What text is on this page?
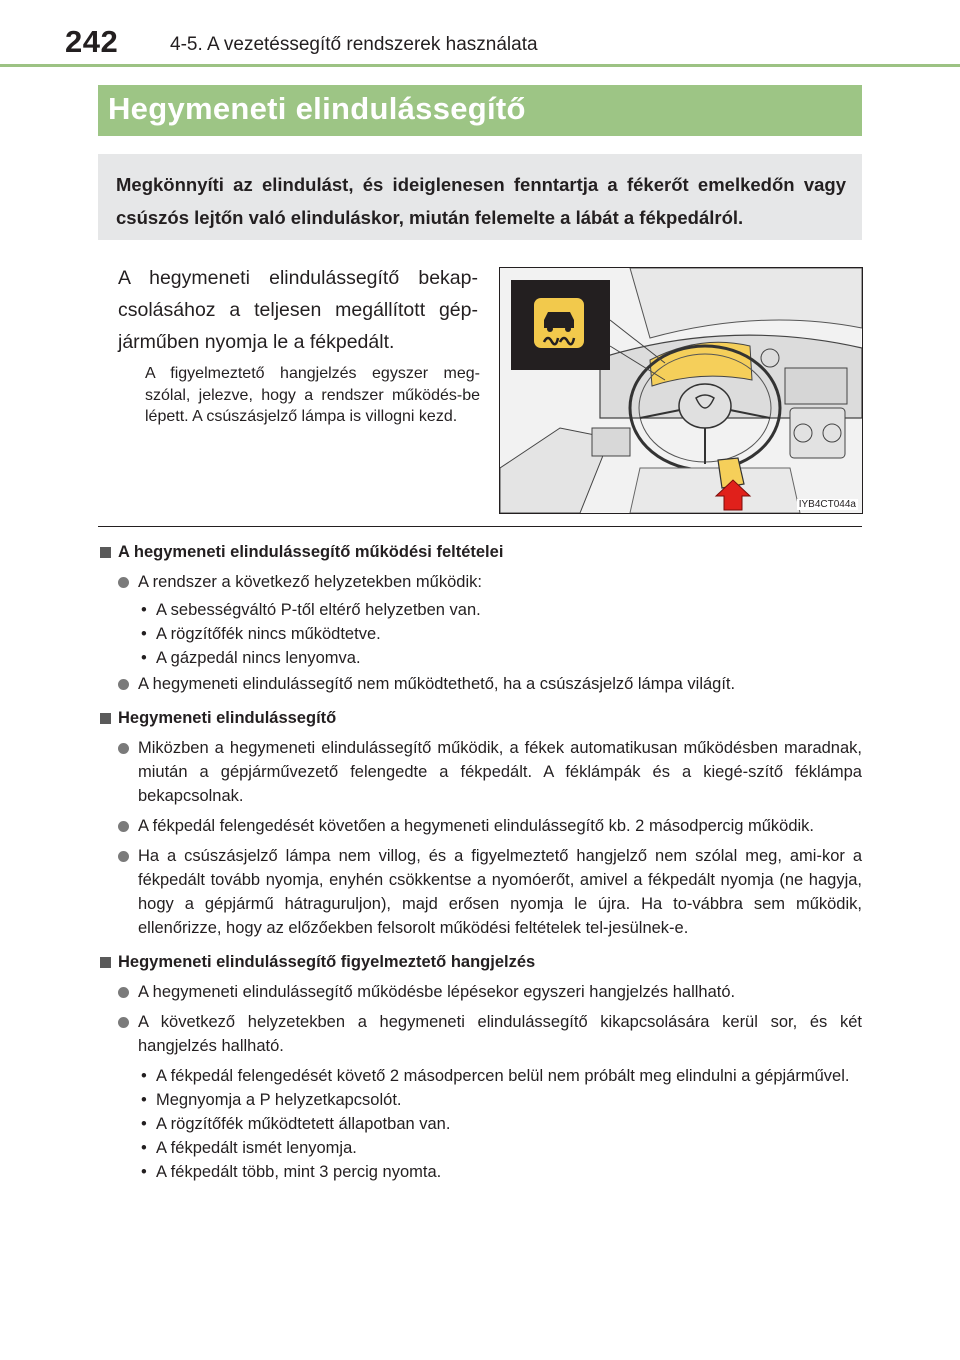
242	4-5. A vezetéssegítő rendszerek használata
Hegymeneti elindulássegítő

Megkönnyíti az elindulást, és ideiglenesen fenntartja a fékerőt emelkedőn vagy csúszós lejtőn való elinduláskor, miután felemelte a lábát a fékpedálról.

A hegymeneti elindulássegítő bekap-csolásához a teljesen megállított gép-járműben nyomja le a fékpedált.
A figyelmeztető hangjelzés egyszer meg-szólal, jelezve, hogy a rendszer működés-be lépett. A csúszásjelző lámpa is villogni kezd.
IYB4CT044a
A hegymeneti elindulássegítő működési feltételei
A rendszer a következő helyzetekben működik:
• A sebességváltó P-től eltérő helyzetben van.
• A rögzítőfék nincs működtetve.
• A gázpedál nincs lenyomva.
A hegymeneti elindulássegítő nem működtethető, ha a csúszásjelző lámpa világít.
Hegymeneti elindulássegítő
Miközben a hegymeneti elindulássegítő működik, a fékek automatikusan működésben maradnak, miután a gépjárművezető felengedte a fékpedált. A féklámpák és a kiegé-szítő féklámpa bekapcsolnak.
A fékpedál felengedését követően a hegymeneti elindulássegítő kb. 2 másodpercig működik.
Ha a csúszásjelző lámpa nem villog, és a figyelmeztető hangjelző nem szólal meg, ami-kor a fékpedált tovább nyomja, enyhén csökkentse a nyomóerőt, amivel a fékpedált nyomja (ne hagyja, hogy a gépjármű hátraguruljon), majd erősen nyomja le újra. Ha to-vábbra sem működik, ellenőrizze, hogy az előzőekben felsorolt működési feltételek tel-jesülnek-e.
Hegymeneti elindulássegítő figyelmeztető hangjelzés
A hegymeneti elindulássegítő működésbe lépésekor egyszeri hangjelzés hallható.
A következő helyzetekben a hegymeneti elindulássegítő kikapcsolására kerül sor, és két hangjelzés hallható.
• A fékpedál felengedését követő 2 másodpercen belül nem próbált meg elindulni a gépjárművel.
• Megnyomja a P helyzetkapcsolót.
• A rögzítőfék működtetett állapotban van.
• A fékpedált ismét lenyomja.
• A fékpedált több, mint 3 percig nyomta.
